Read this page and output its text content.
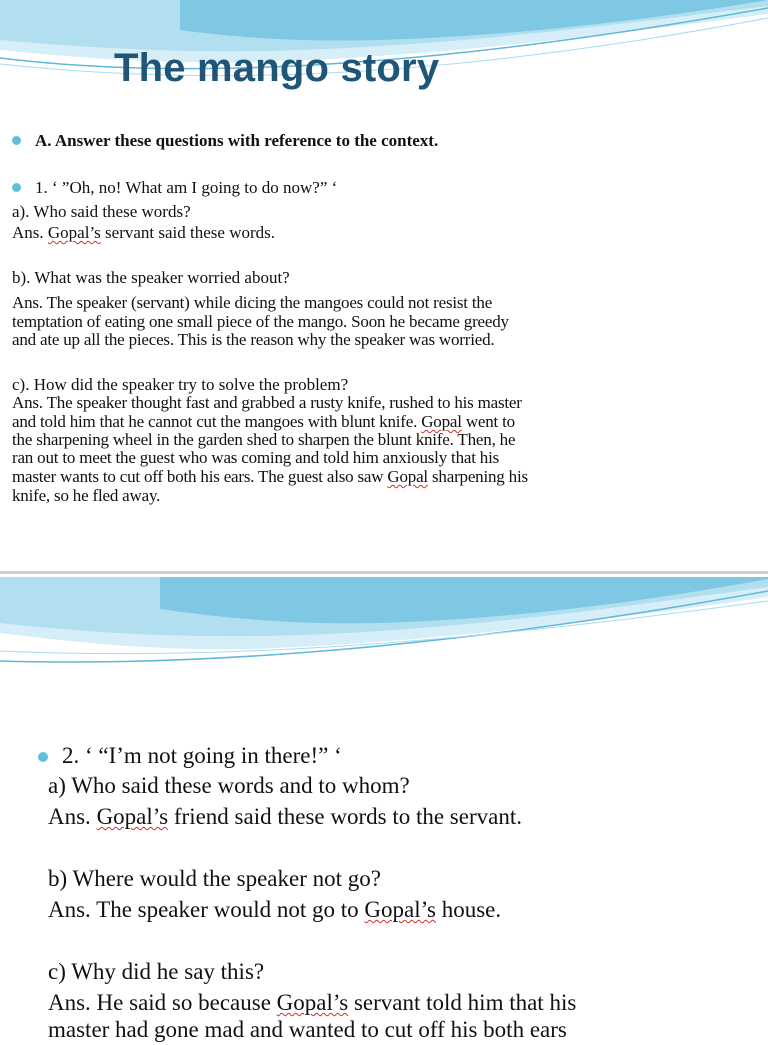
The mango story
A. Answer these questions with reference to the context.
1. ‘ ”Oh, no! What am I going to do now?” ‘
a). Who said these words?
Ans. Gopal’s servant said these words.
b). What was the speaker worried about?
Ans. The speaker (servant) while dicing the mangoes could not resist the
temptation of eating one small piece of the mango. Soon he became greedy
and ate up all the pieces. This is the reason why the speaker was worried.
c). How did the speaker try to solve the problem?
Ans. The speaker thought fast and grabbed a rusty knife, rushed to his master
and told him that he cannot cut the mangoes with blunt knife. Gopal went to
the sharpening wheel in the garden shed to sharpen the blunt knife. Then, he
ran out to meet the guest who was coming and told him anxiously that his
master wants to cut off both his ears. The guest also saw Gopal sharpening his
knife, so he fled away.
2. ‘ “I’m not going in there!” ‘
a) Who said these words and to whom?
Ans. Gopal’s friend said these words to the servant.
b) Where would the speaker not go?
Ans. The speaker would not go to Gopal’s house.
c) Why did he say this?
Ans. He said so because Gopal’s servant told him that his
master had gone mad and wanted to cut off his both ears
